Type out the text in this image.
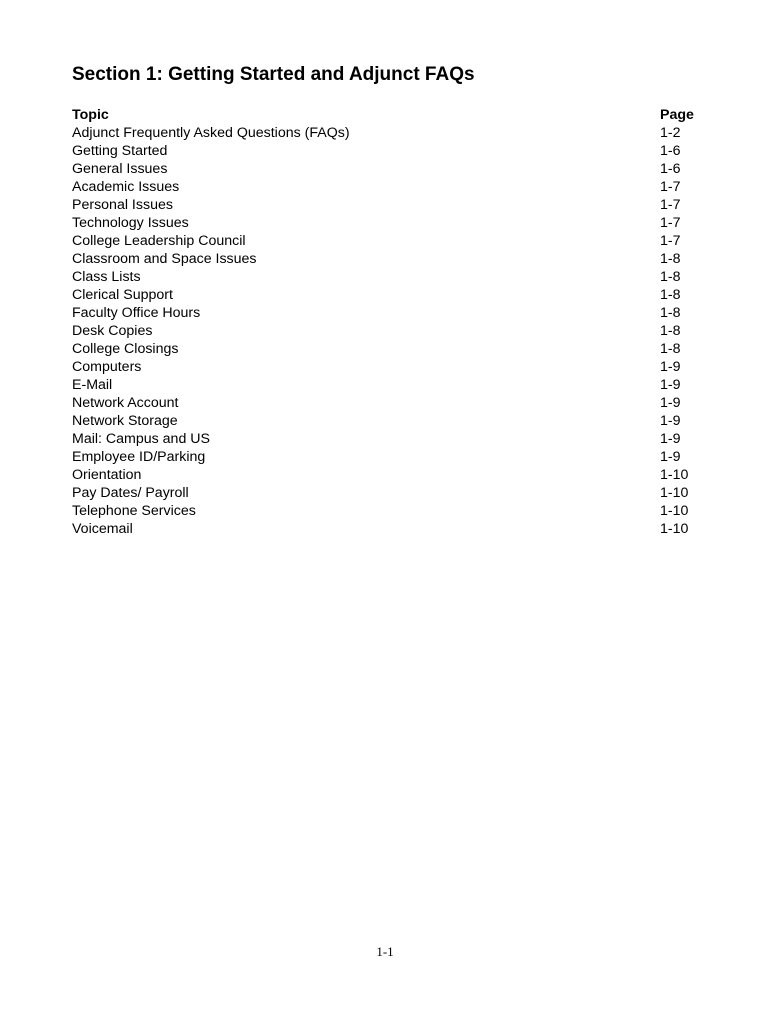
Section 1: Getting Started and Adjunct FAQs
Topic	Page
Adjunct Frequently Asked Questions (FAQs)	1-2
Getting Started	1-6
General Issues	1-6
Academic Issues	1-7
Personal Issues	1-7
Technology Issues	1-7
College Leadership Council	1-7
Classroom and Space Issues	1-8
Class Lists	1-8
Clerical Support	1-8
Faculty Office Hours	1-8
Desk Copies	1-8
College Closings	1-8
Computers	1-9
E-Mail	1-9
Network Account	1-9
Network Storage	1-9
Mail: Campus and US	1-9
Employee ID/Parking	1-9
Orientation	1-10
Pay Dates/ Payroll	1-10
Telephone Services	1-10
Voicemail	1-10
1-1
